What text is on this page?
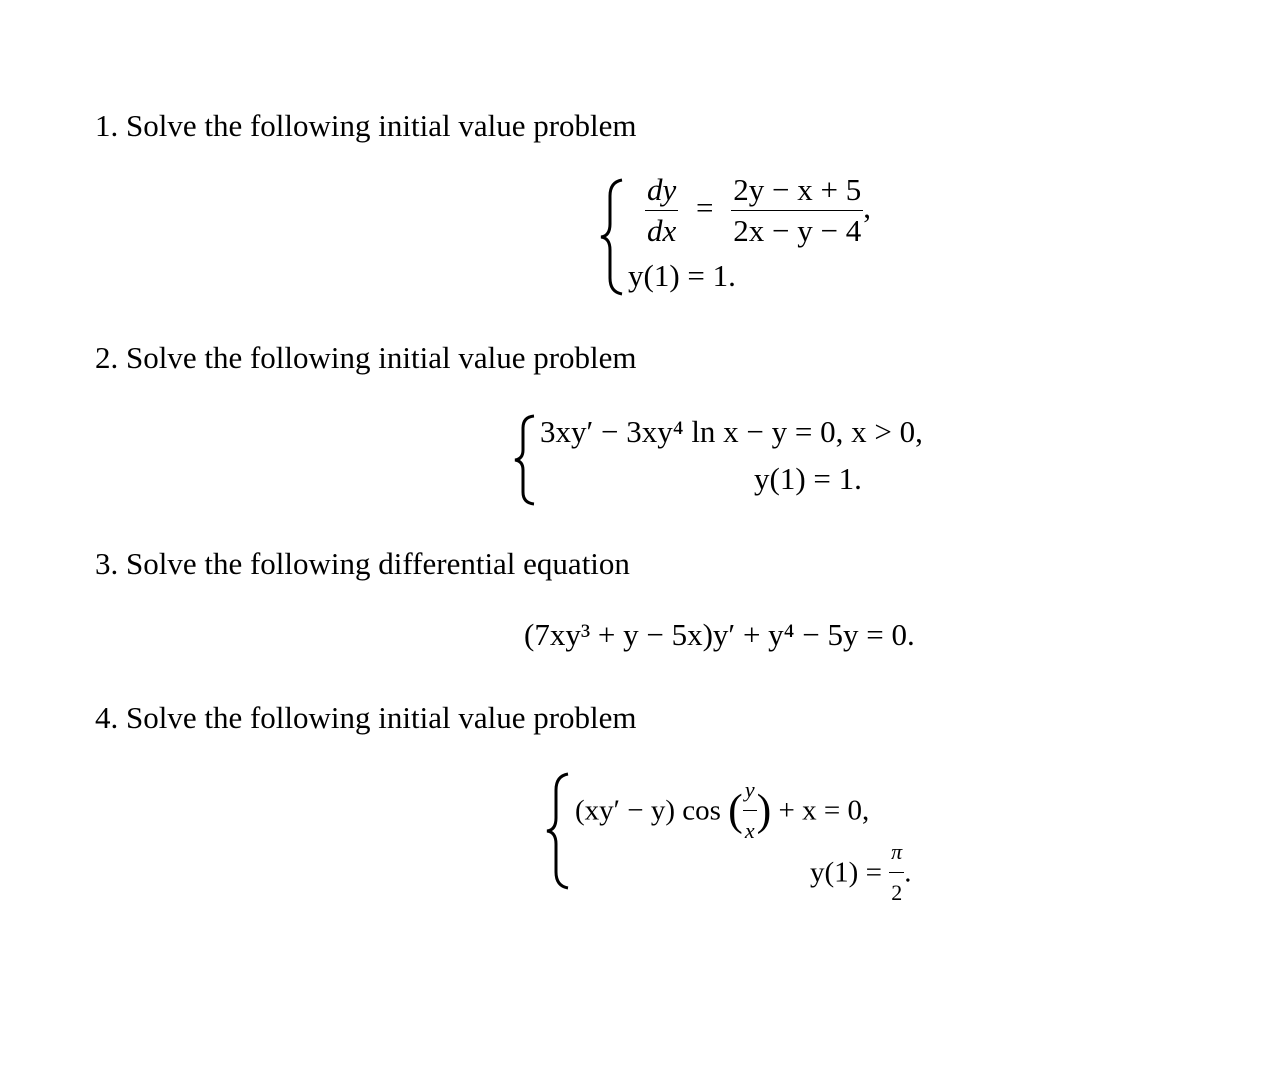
1. Solve the following initial value problem
$\frac{dy}{dx} = \frac{2y - x + 5}{2x - y - 4}$ ,
y(1) = 1.
2. Solve the following initial value problem
3xy′ − 3xy⁴ ln x − y = 0, x > 0,
y(1) = 1.
3. Solve the following differential equation
(7xy³ + y − 5x)y′ + y⁴ − 5y = 0.
4. Solve the following initial value problem
(xy′ − y) cos ( $\frac{y}{x}$ ) + x = 0,
$y(1) = \frac{\pi}{2}$ .
